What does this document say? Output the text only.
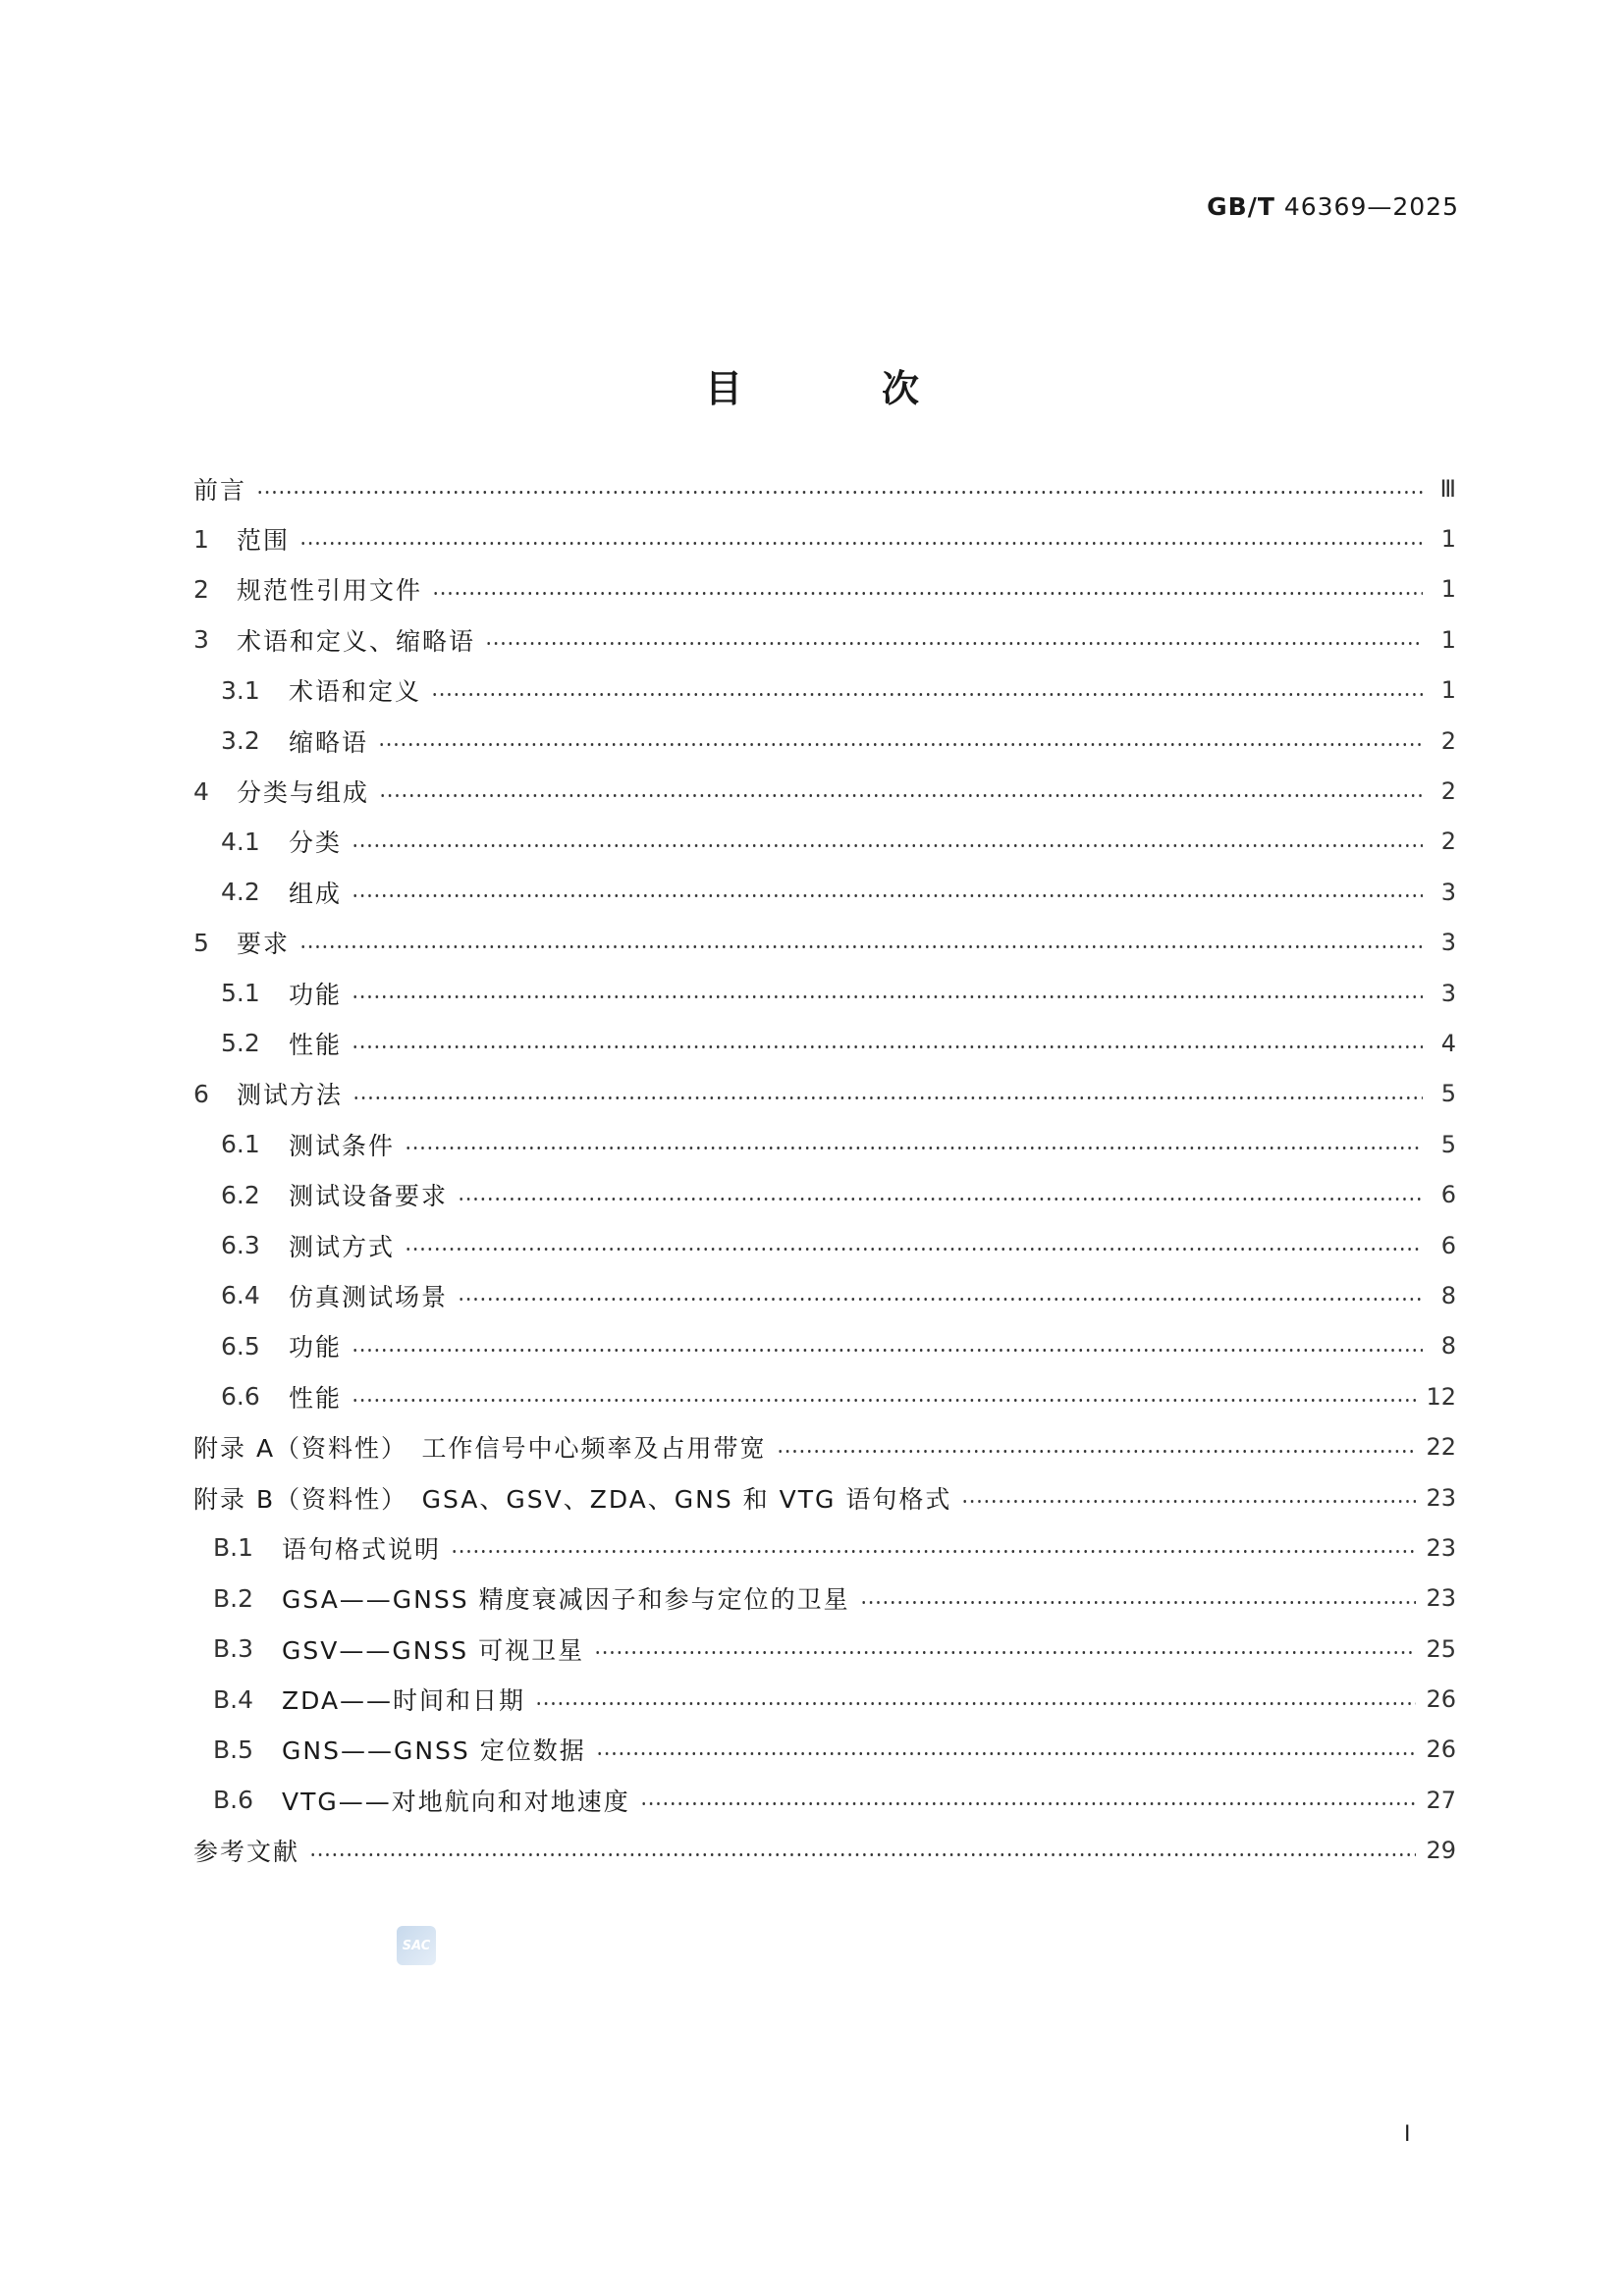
GB/T 46369—2025
目　次
前言	Ⅲ
1	范围	1
2	规范性引用文件	1
3	术语和定义、缩略语	1
3.1	术语和定义	1
3.2	缩略语	2
4	分类与组成	2
4.1	分类	2
4.2	组成	3
5	要求	3
5.1	功能	3
5.2	性能	4
6	测试方法	5
6.1	测试条件	5
6.2	测试设备要求	6
6.3	测试方式	6
6.4	仿真测试场景	8
6.5	功能	8
6.6	性能	12
附录 A（资料性）　工作信号中心频率及占用带宽	22
附录 B（资料性）　GSA、GSV、ZDA、GNS 和 VTG 语句格式	23
B.1	语句格式说明	23
B.2	GSA——GNSS 精度衰减因子和参与定位的卫星	23
B.3	GSV——GNSS 可视卫星	25
B.4	ZDA——时间和日期	26
B.5	GNS——GNSS 定位数据	26
B.6	VTG——对地航向和对地速度	27
参考文献	29
SAC
Ⅰ
